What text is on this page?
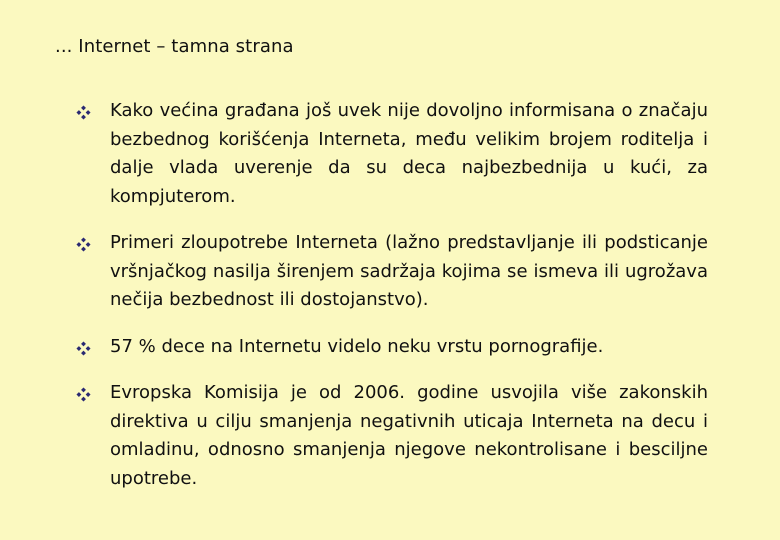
... Internet – tamna strana
Kako većina građana još uvek nije dovoljno informisana o značaju bezbednog korišćenja Interneta, među velikim brojem roditelja i dalje vlada uverenje da su deca najbezbednija u kući, za kompjuterom.
Primeri zloupotrebe Interneta (lažno predstavljanje ili podsticanje vršnjačkog nasilja širenjem sadržaja kojima se ismeva ili ugrožava nečija bezbednost ili dostojanstvo).
57 % dece na Internetu videlo neku vrstu pornografije.
Evropska Komisija je od 2006. godine usvojila više zakonskih direktiva u cilju smanjenja negativnih uticaja Interneta na decu i omladinu, odnosno smanjenja njegove nekontrolisane i besciljne upotrebe.
